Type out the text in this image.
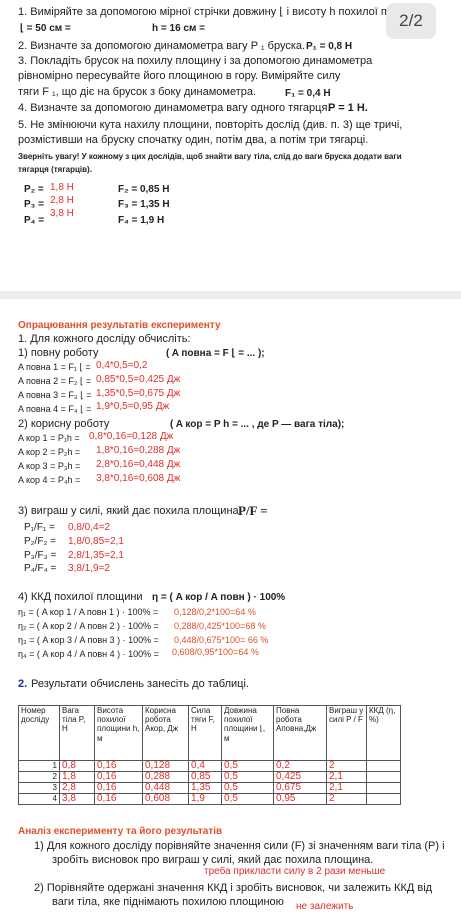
2/2
1. Виміряйте за допомогою мірної стрічки довжину ⌊ і висоту h похилої п
⌊ = 50 см =	h = 16 см =
2. Визначте за допомогою динамометра вагу P ₁ бруска. P₁ = 0,8 Н
3. Покладіть брусок на похилу площину і за допомогою динамометра
рівномірно пересувайте його площиною в гору. Виміряйте силу
тяги F ₁, що діє на брусок з боку динамометра.	F₁ = 0,4 Н
4. Визначте за допомогою динамометра вагу одного тягарця.
P = 1 Н.
5. Не змінюючи кута нахилу площини, повторіть дослід (див. п. 3) ще тричі,
розмістивши на бруску спочатку один, потім два, а потім три тягарці.
Зверніть увагу! У кожному з цих дослідів, щоб знайти вагу тіла, слід до ваги бруска додати ваги
тягарця (тягарців).
P₂ = 1,8 Н
P₃ = 2,8 Н
P₄ =
3,8 Н
F₂ = 0,85 Н
F₃ = 1,35 Н
F₄ = 1,9 Н
Опрацювання результатів експерименту
1. Для кожного досліду обчисліть:
1) повну роботу	( A повна = F ⌊ = ... );
A повна 1 = F₁ ⌊ = 0,4*0,5=0,2
A повна 2 = F₂ ⌊ = 0,85*0,5=0,425 Дж
A повна 3 = F₃ ⌊ = 1,35*0,5=0,675 Дж
A повна 4 = F₄ ⌊ = 1,9*0,5=0,95 Дж
2) корисну роботу	( A кор = P h = ... , де P — вага тіла);
A кор 1 = P₁h = 0,8*0,16=0,128 Дж
A кор 2 = P₂h = 1,8*0,16=0,288 Дж
A кор 3 = P₃h = 2,8*0,16=0,448 Дж
A кор 4 = P₄h = 3,8*0,16=0,608 Дж
3) виграш у силі, який дає похила площина P/F =
P₁/F₁ = 0,8/0,4=2
P₂/F₂ = 1,8/0,85=2,1
P₃/F₃ = 2,8/1,35=2,1
P₄/F₄ = 3,8/1,9=2
4) ККД похилої площини η = ( A кор / A повн ) · 100%
η₁ = ( A кор 1 / A повн 1 ) · 100% = 0,128/0,2*100=64 %
η₂ = ( A кор 2 / A повн 2 ) · 100% = 0,288/0,425*100=68 %
η₃ = ( A кор 3 / A повн 3 ) · 100% = 0,448/0,675*100= 66 %
η₄ = ( A кор 4 / A повн 4 ) · 100% = 0,608/0,95*100=64 %
2. Результати обчислень занесіть до таблиці.
Номер досліду	Вага тіла P, Н	Висота похилої площини h, м	Корисна робота Aкор, Дж	Сила тяги F, Н	Довжина похилої площини ⌊, м	Повна робота Aповна,Дж	Виграш у силі P / F	ККД (η, %)
1	0,8	0,16	0,128	0,4	0,5	0,2	2	
2	1,8	0,16	0,288	0,85	0,5	0,425	2,1	
3	2,8	0,16	0,448	1,35	0,5	0,675	2,1	
4	3,8	0,16	0,608	1,9	0,5	0,95	2	
Аналіз експерименту та його результатів
1) Для кожного досліду порівняйте значення сили (F) зі значенням ваги тіла (P) і
зробіть висновок про виграш у силі, який дає похила площина.
треба прикласти силу в 2 рази меньше
2) Порівняйте одержані значення ККД і зробіть висновок, чи залежить ККД від
ваги тіла, яке піднімають похилою площиною не залежить
